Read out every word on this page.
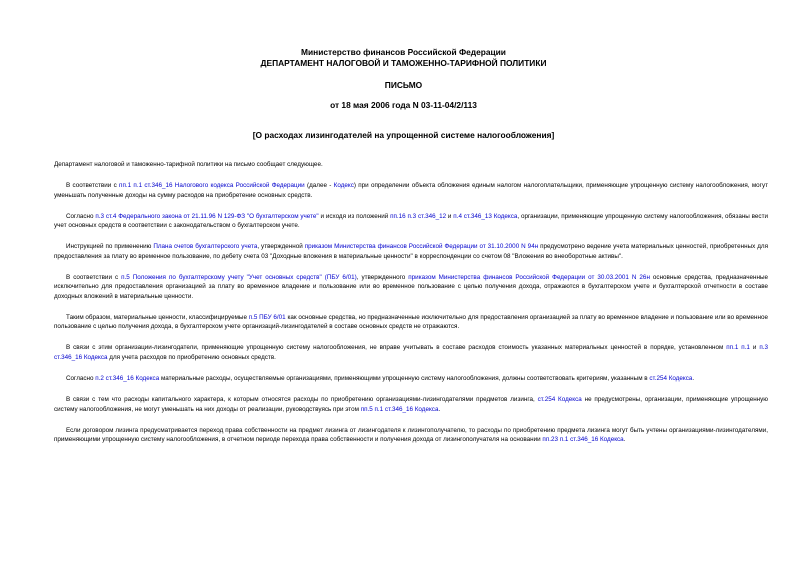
Министерство финансов Российской Федерации
ДЕПАРТАМЕНТ НАЛОГОВОЙ И ТАМОЖЕННО-ТАРИФНОЙ ПОЛИТИКИ
ПИСЬМО
от 18 мая 2006 года N 03-11-04/2/113
[О расходах лизингодателей на упрощенной системе налогообложения]

Департамент налоговой и таможенно-тарифной политики на письмо сообщает следующее.

В соответствии с пп.1 п.1 ст.346_16 Налогового кодекса Российской Федерации (далее - Кодекс) при определении объекта обложения единым налогом налогоплательщики, применяющие упрощенную систему налогообложения, могут уменьшать полученные доходы на сумму расходов на приобретение основных средств.

Согласно п.3 ст.4 Федерального закона от 21.11.96 N 129-ФЗ "О бухгалтерском учете" и исходя из положений пп.16 п.3 ст.346_12 и п.4 ст.346_13 Кодекса, организации, применяющие упрощенную систему налогообложения, обязаны вести учет основных средств в соответствии с законодательством о бухгалтерском учете.

Инструкцией по применению Плана счетов бухгалтерского учета, утвержденной приказом Министерства финансов Российской Федерации от 31.10.2000 N 94н предусмотрено ведение учета материальных ценностей, приобретенных для предоставления за плату во временное пользование, по дебету счета 03 "Доходные вложения в материальные ценности" в корреспонденции со счетом 08 "Вложения во внеоборотные активы".

В соответствии с п.5 Положения по бухгалтерскому учету "Учет основных средств" (ПБУ 6/01), утвержденного приказом Министерства финансов Российской Федерации от 30.03.2001 N 26н основные средства, предназначенные исключительно для предоставления организацией за плату во временное владение и пользование или во временное пользование с целью получения дохода, отражаются в бухгалтерском учете и бухгалтерской отчетности в составе доходных вложений в материальные ценности.

Таким образом, материальные ценности, классифицируемые п.5 ПБУ 6/01 как основные средства, но предназначенные исключительно для предоставления организацией за плату во временное владение и пользование или во временное пользование с целью получения дохода, в бухгалтерском учете организаций-лизингодателей в составе основных средств не отражаются.

В связи с этим организации-лизингодатели, применяющие упрощенную систему налогообложения, не вправе учитывать в составе расходов стоимость указанных материальных ценностей в порядке, установленном пп.1 п.1 и п.3 ст.346_16 Кодекса для учета расходов по приобретению основных средств.

Согласно п.2 ст.346_16 Кодекса материальные расходы, осуществляемые организациями, применяющими упрощенную систему налогообложения, должны соответствовать критериям, указанным в ст.254 Кодекса.

В связи с тем что расходы капитального характера, к которым относятся расходы по приобретению организациями-лизингодателями предметов лизинга, ст.254 Кодекса не предусмотрены, организации, применяющие упрощенную систему налогообложения, не могут уменьшать на них доходы от реализации, руководствуясь при этом пп.5 п.1 ст.346_16 Кодекса.

Если договором лизинга предусматривается переход права собственности на предмет лизинга от лизингодателя к лизингополучателю, то расходы по приобретению предмета лизинга могут быть учтены организациями-лизингодателями, применяющими упрощенную систему налогообложения, в отчетном периоде перехода права собственности и получения дохода от лизингополучателя на основании пп.23 п.1 ст.346_16 Кодекса.
